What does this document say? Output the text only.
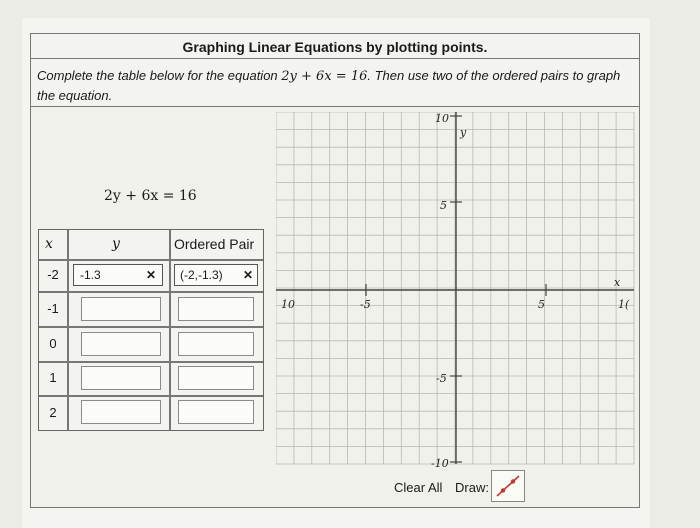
Graphing Linear Equations by plotting points.
Complete the table below for the equation 2y + 6x = 16. Then use two of the ordered pairs to graph the equation.
2y + 6x = 16
x	y	Ordered Pair
-2	-1.3	✕ (-2,-1.3) ✕
-1
0
1
2
10	-5	5	1(
10
5
-5
-10
y
x
Clear All Draw:
